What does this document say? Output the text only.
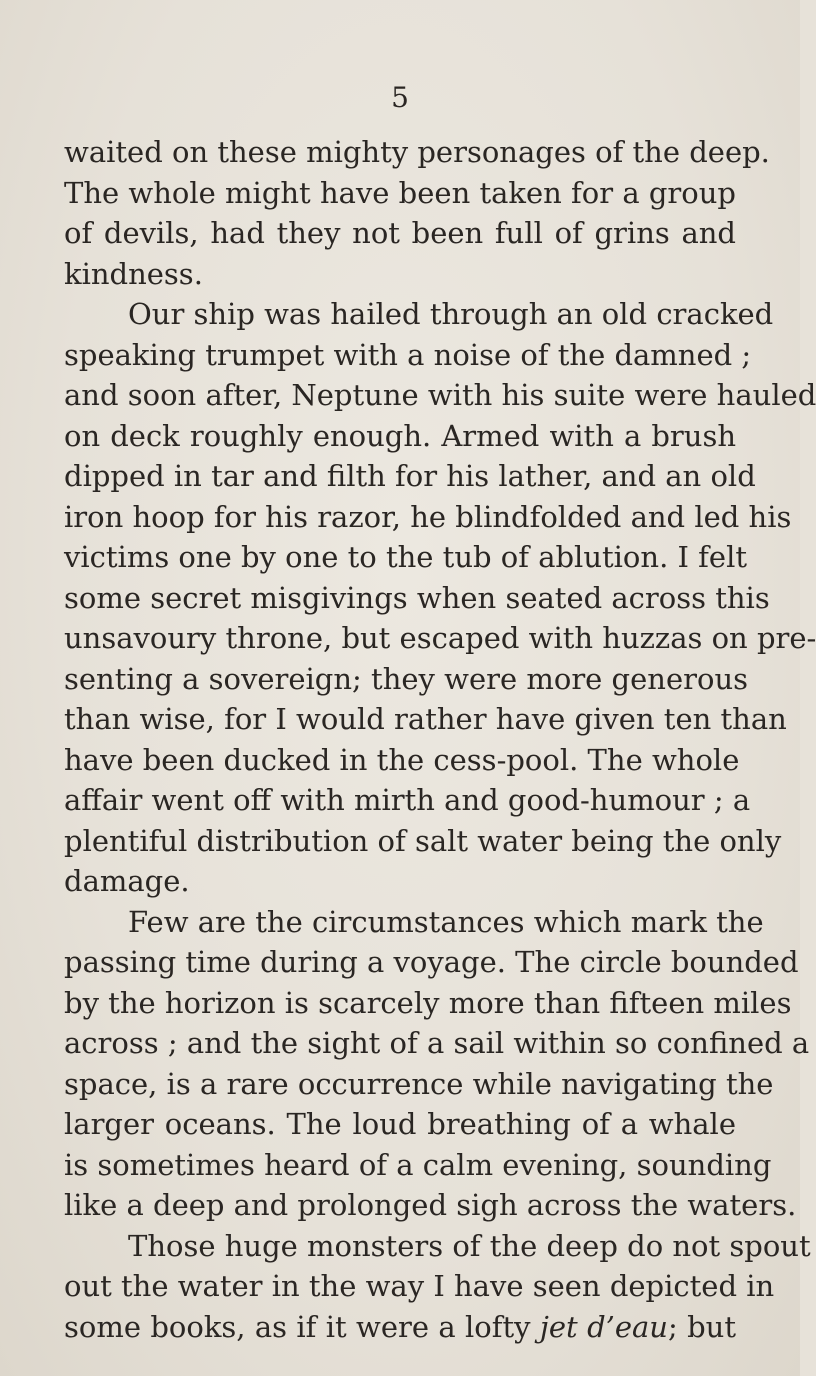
5
waited on these mighty personages of the deep.
The whole might have been taken for a group
of devils, had they not been full of grins and
kindness.
Our ship was hailed through an old cracked
speaking trumpet with a noise of the damned ;
and soon after, Neptune with his suite were hauled
on deck roughly enough. Armed with a brush
dipped in tar and filth for his lather, and an old
iron hoop for his razor, he blindfolded and led his
victims one by one to the tub of ablution. I felt
some secret misgivings when seated across this
unsavoury throne, but escaped with huzzas on pre-
senting a sovereign; they were more generous
than wise, for I would rather have given ten than
have been ducked in the cess-pool. The whole
affair went off with mirth and good-humour ; a
plentiful distribution of salt water being the only
damage.
Few are the circumstances which mark the
passing time during a voyage. The circle bounded
by the horizon is scarcely more than fifteen miles
across ; and the sight of a sail within so confined a
space, is a rare occurrence while navigating the
larger oceans. The loud breathing of a whale
is sometimes heard of a calm evening, sounding
like a deep and prolonged sigh across the waters.
Those huge monsters of the deep do not spout
out the water in the way I have seen depicted in
some books, as if it were a lofty jet d’eau; but
